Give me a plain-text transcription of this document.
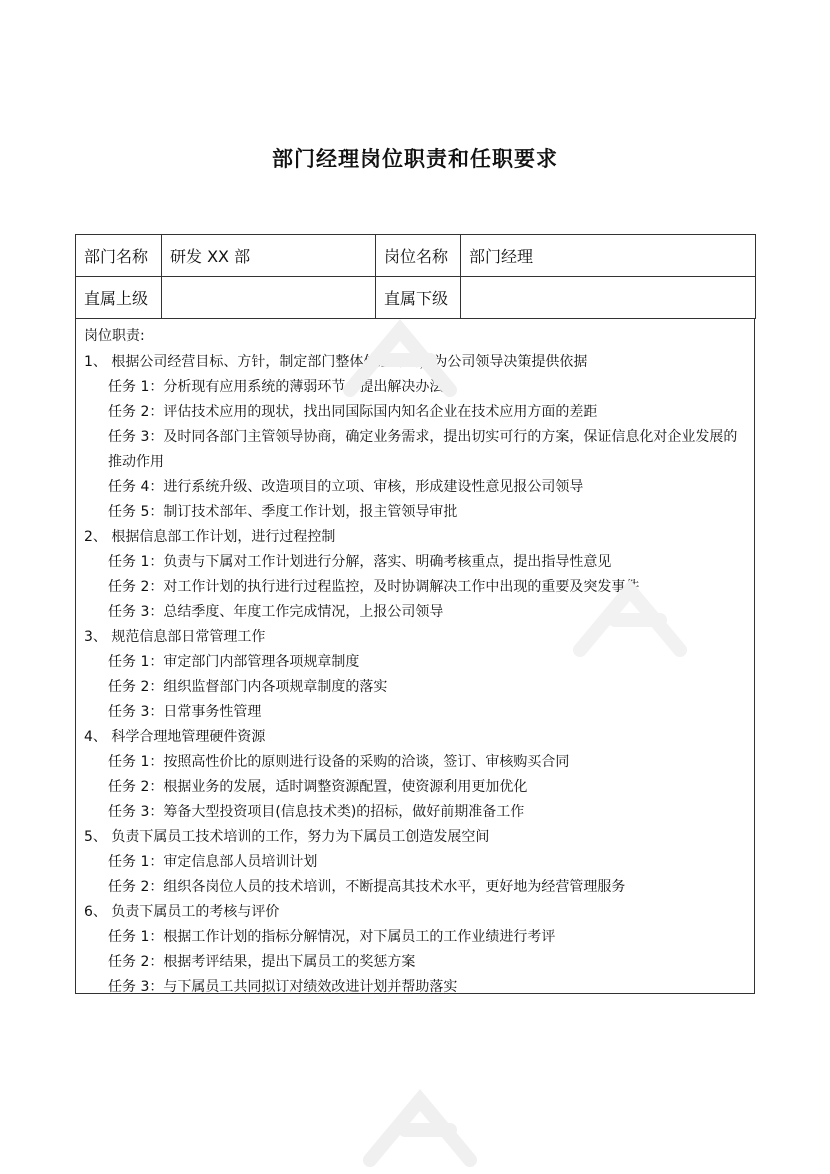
部门经理岗位职责和任职要求
部门名称	研发 XX 部	岗位名称	部门经理
直属上级		直属下级	
岗位职责:

1、 根据公司经营目标、方针，制定部门整体信息计划，为公司领导决策提供依据

任务 1：分析现有应用系统的薄弱环节，提出解决办法
任务 2：评估技术应用的现状，找出同国际国内知名企业在技术应用方面的差距
任务 3：及时同各部门主管领导协商，确定业务需求，提出切实可行的方案，保证信息化对企业发展的推动作用
任务 4：进行系统升级、改造项目的立项、审核，形成建设性意见报公司领导
任务 5：制订技术部年、季度工作计划，报主管领导审批

2、 根据信息部工作计划，进行过程控制

任务 1：负责与下属对工作计划进行分解，落实、明确考核重点，提出指导性意见
任务 2：对工作计划的执行进行过程监控，及时协调解决工作中出现的重要及突发事件
任务 3：总结季度、年度工作完成情况，上报公司领导

3、 规范信息部日常管理工作

任务 1：审定部门内部管理各项规章制度
任务 2：组织监督部门内各项规章制度的落实
任务 3：日常事务性管理

4、 科学合理地管理硬件资源

任务 1：按照高性价比的原则进行设备的采购的洽谈，签订、审核购买合同
任务 2：根据业务的发展，适时调整资源配置，使资源利用更加优化
任务 3：筹备大型投资项目(信息技术类)的招标，做好前期准备工作

5、 负责下属员工技术培训的工作，努力为下属员工创造发展空间

任务 1：审定信息部人员培训计划
任务 2：组织各岗位人员的技术培训，不断提高其技术水平，更好地为经营管理服务

6、 负责下属员工的考核与评价

任务 1：根据工作计划的指标分解情况，对下属员工的工作业绩进行考评
任务 2：根据考评结果，提出下属员工的奖惩方案
任务 3：与下属员工共同拟订对绩效改进计划并帮助落实
